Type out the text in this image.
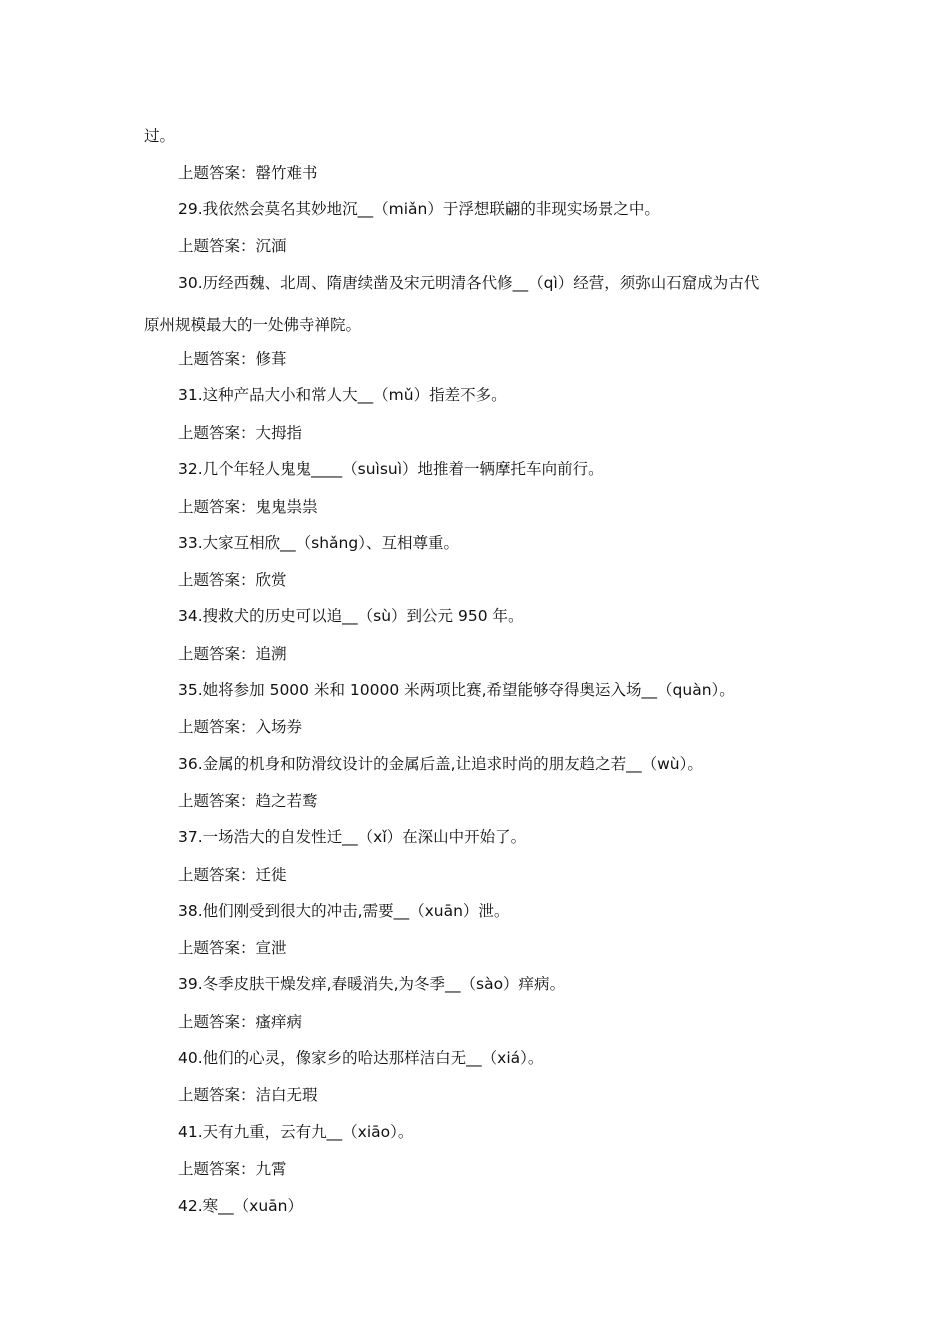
过。
上题答案：罄竹难书
29.我依然会莫名其妙地沉__（miǎn）于浮想联翩的非现实场景之中。
上题答案：沉湎
30.历经西魏、北周、隋唐续凿及宋元明清各代修__（qì）经营，须弥山石窟成为古代
原州规模最大的一处佛寺禅院。
上题答案：修葺
31.这种产品大小和常人大__（mǔ）指差不多。
上题答案：大拇指
32.几个年轻人鬼鬼____（suìsuì）地推着一辆摩托车向前行。
上题答案：鬼鬼祟祟
33.大家互相欣__（shǎng）、互相尊重。
上题答案：欣赏
34.搜救犬的历史可以追__（sù）到公元 950 年。
上题答案：追溯
35.她将参加 5000 米和 10000 米两项比赛,希望能够夺得奥运入场__（quàn）。
上题答案：入场券
36.金属的机身和防滑纹设计的金属后盖,让追求时尚的朋友趋之若__（wù）。
上题答案：趋之若鹜
37.一场浩大的自发性迁__（xǐ）在深山中开始了。
上题答案：迁徙
38.他们刚受到很大的冲击,需要__（xuān）泄。
上题答案：宣泄
39.冬季皮肤干燥发痒,春暖消失,为冬季__（sào）痒病。
上题答案：瘙痒病
40.他们的心灵，像家乡的哈达那样洁白无__（xiá）。
上题答案：洁白无瑕
41.天有九重，云有九__（xiāo）。
上题答案：九霄
42.寒__（xuān）
